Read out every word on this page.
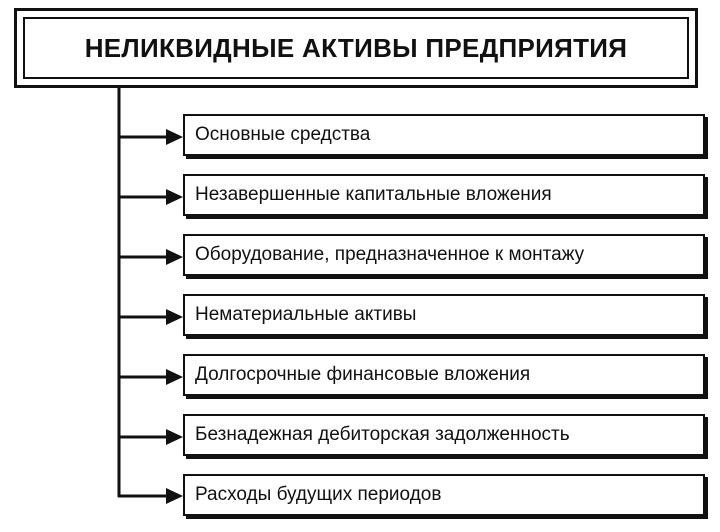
НЕЛИКВИДНЫЕ АКТИВЫ ПРЕДПРИЯТИЯ
Основные средства
Незавершенные капитальные вложения
Оборудование, предназначенное к монтажу
Нематериальные активы
Долгосрочные финансовые вложения
Безнадежная дебиторская задолженность
Расходы будущих периодов
